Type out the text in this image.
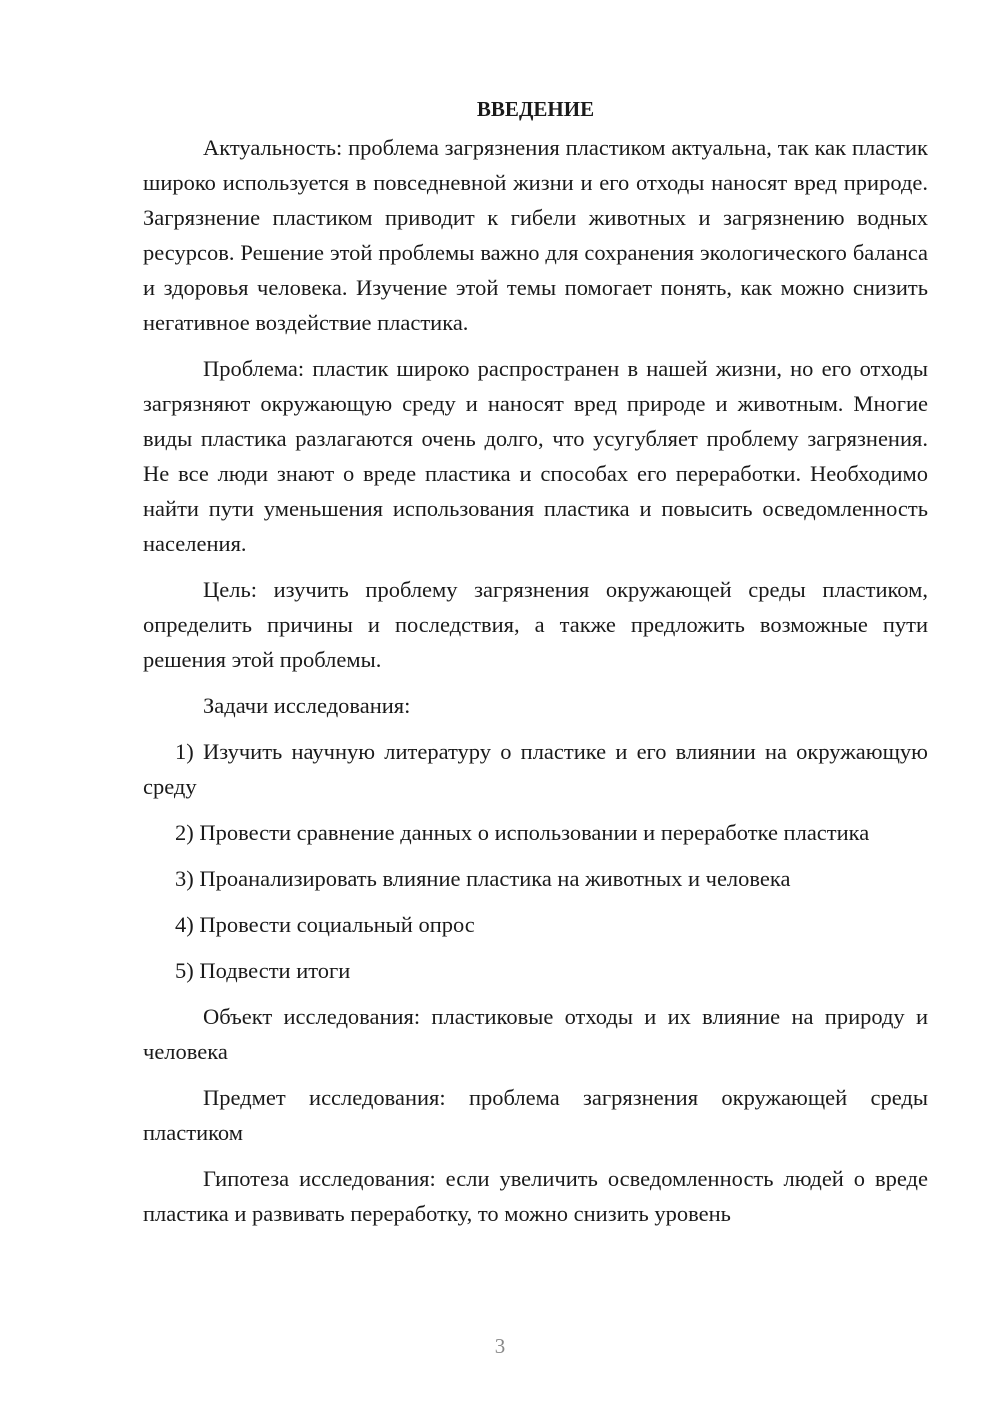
ВВЕДЕНИЕ

Актуальность: проблема загрязнения пластиком актуальна, так как пластик широко используется в повседневной жизни и его отходы наносят вред природе. Загрязнение пластиком приводит к гибели животных и загрязнению водных ресурсов. Решение этой проблемы важно для сохранения экологического баланса и здоровья человека. Изучение этой темы помогает понять, как можно снизить негативное воздействие пластика.

Проблема: пластик широко распространен в нашей жизни, но его отходы загрязняют окружающую среду и наносят вред природе и животным. Многие виды пластика разлагаются очень долго, что усугубляет проблему загрязнения. Не все люди знают о вреде пластика и способах его переработки. Необходимо найти пути уменьшения использования пластика и повысить осведомленность населения.

Цель: изучить проблему загрязнения окружающей среды пластиком, определить причины и последствия, а также предложить возможные пути решения этой проблемы.

Задачи исследования:

1) Изучить научную литературу о пластике и его влиянии на окружающую среду

2) Провести сравнение данных о использовании и переработке пластика

3) Проанализировать влияние пластика на животных и человека

4) Провести социальный опрос

5) Подвести итоги

Объект исследования: пластиковые отходы и их влияние на природу и человека

Предмет исследования: проблема загрязнения окружающей среды пластиком

Гипотеза исследования: если увеличить осведомленность людей о вреде пластика и развивать переработку, то можно снизить уровень

3
